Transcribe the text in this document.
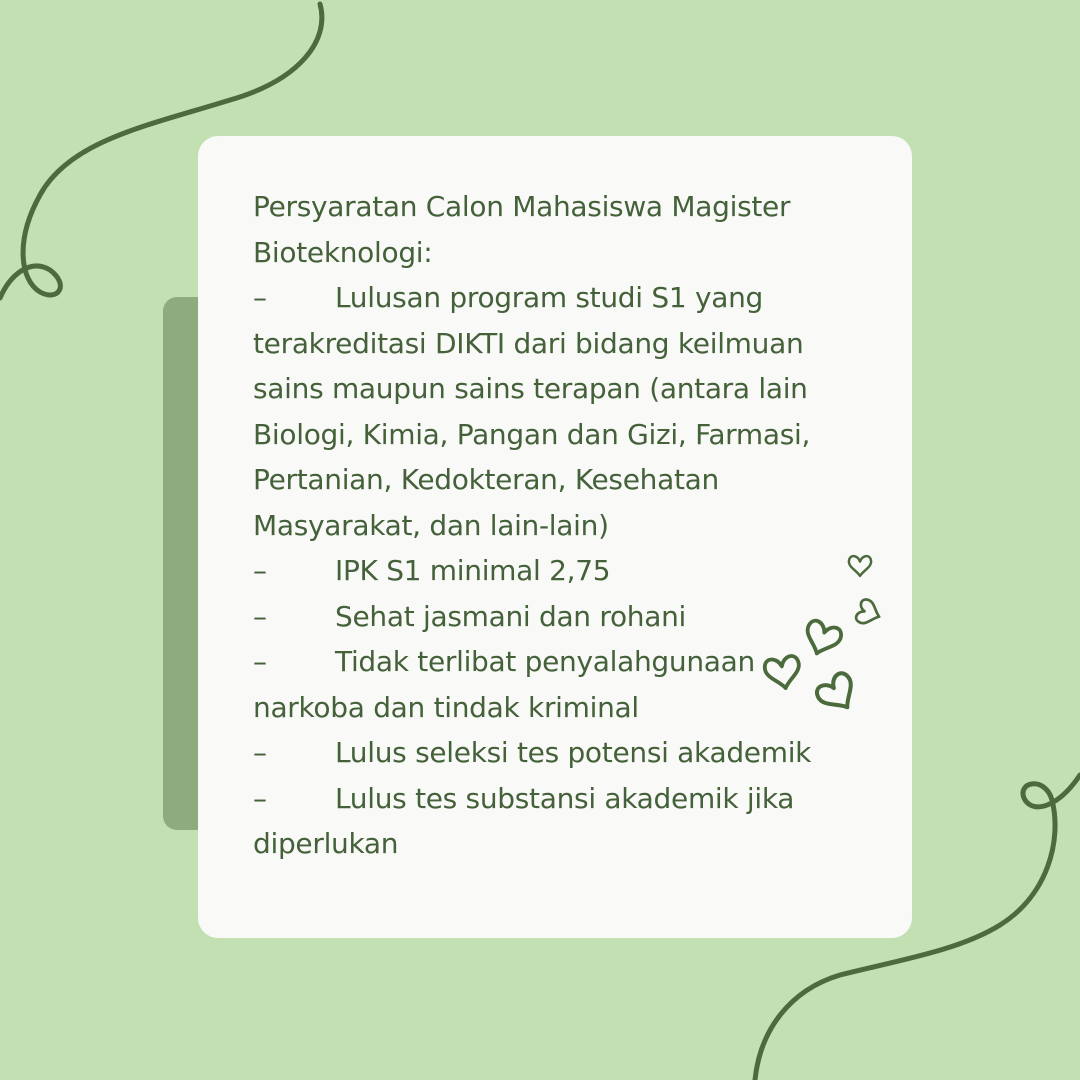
Persyaratan Calon Mahasiswa Magister
Bioteknologi:
– Lulusan program studi S1 yang
terakreditasi DIKTI dari bidang keilmuan
sains maupun sains terapan (antara lain
Biologi, Kimia, Pangan dan Gizi, Farmasi,
Pertanian, Kedokteran, Kesehatan
Masyarakat, dan lain-lain)
– IPK S1 minimal 2,75
– Sehat jasmani dan rohani
– Tidak terlibat penyalahgunaan
narkoba dan tindak kriminal
– Lulus seleksi tes potensi akademik
– Lulus tes substansi akademik jika
diperlukan
